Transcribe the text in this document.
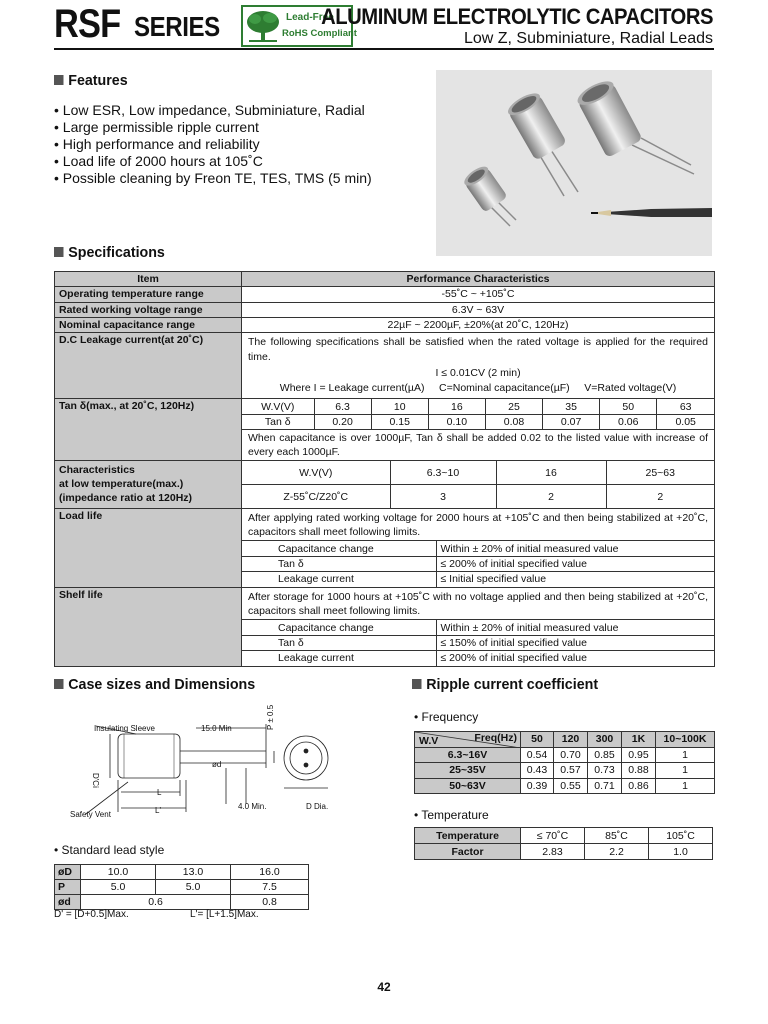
RSF SERIES	Lead-Free
RoHS Compliant
ALUMINUM ELECTROLYTIC CAPACITORS
Low Z, Subminiature, Radial Leads
Features
• Low ESR, Low impedance, Subminiature, Radial
• Large permissible ripple current
• High performance and reliability
• Load life of 2000 hours at 105˚C
• Possible cleaning by Freon TE, TES, TMS (5 min)
Specifications
Item	Performance Characteristics
Operating temperature range	-55˚C ~ +105˚C
Rated working voltage range	6.3V ~ 63V
Nominal capacitance range	22µF ~ 2200µF, ±20%(at 20˚C, 120Hz)
D.C Leakage current(at 20˚C)	The following specifications shall be satisfied when the rated voltage is applied for the required time.
I ≤ 0.01CV (2 min)
Where I = Leakage current(µA)     C=Nominal capacitance(µF)     V=Rated voltage(V)

Tan δ(max., at 20˚C, 120Hz)		W.V(V)	6.3	10	16	25	35	50	63
Tan δ	0.20	0.15	0.10	0.08	0.07	0.06	0.05
When capacitance is over 1000µF, Tan δ shall be added 0.02 to the listed value with increase of every each 1000µF.

Characteristics
at low temperature(max.)
(impedance ratio at 120Hz)

W.V(V)	6.3~10	16	25~63
Z-55˚C/Z20˚C	3	2	2

Load life		After applying rated working voltage for 2000 hours at +105˚C and then being stabilized at +20˚C, capacitors shall meet following limits.
Capacitance change	Within ± 20% of initial measured value
Tan δ	≤ 200% of initial specified value
Leakage current	≤ Initial specified value

Shelf life		After storage for 1000 hours at +105˚C with no voltage applied and then being stabilized at +20˚C, capacitors shall meet following limits.
Capacitance change	Within ± 20% of initial measured value
Tan δ	≤ 150% of initial specified value
Leakage current	≤ 200% of initial specified value
Case sizes and Dimensions
Insulating Sleeve	15.0 Min
ød
P ± 0.5
D'Ci
L
L'	4.0 Min.	D Dia.
Safety Vent
• Standard lead style
øD	10.0	13.0	16.0
P	5.0	5.0	7.5
ød	0.6		0.8
D' = [D+0.5]Max.	L'= [L+1.5]Max.
Ripple current coefficient
• Frequency
W.V Freq(Hz)	50	120	300	1K	10~100K
6.3~16V	0.54	0.70	0.85	0.95	1
25~35V	0.43	0.57	0.73	0.88	1
50~63V	0.39	0.55	0.71	0.86	1
• Temperature
Temperature	≤ 70˚C	85˚C	105˚C
Factor	2.83	2.2	1.0
42
